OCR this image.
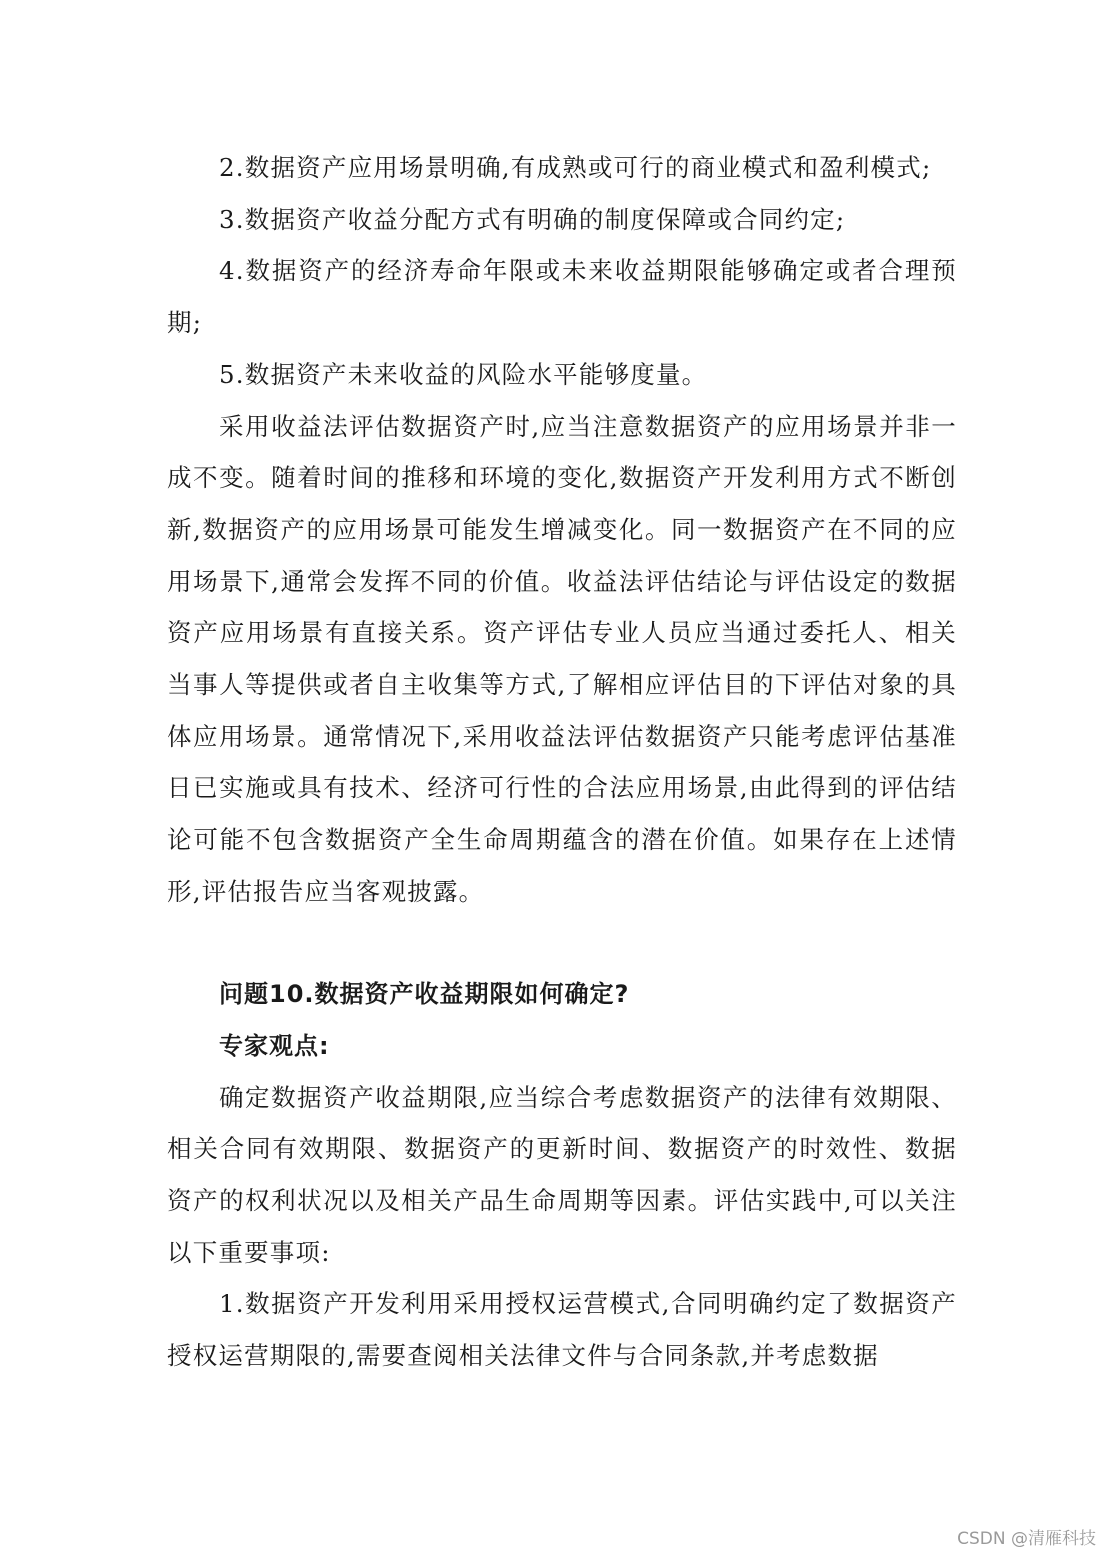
2.数据资产应用场景明确,有成熟或可行的商业模式和盈利模式;

3.数据资产收益分配方式有明确的制度保障或合同约定;

4.数据资产的经济寿命年限或未来收益期限能够确定或者合理预期;

5.数据资产未来收益的风险水平能够度量。

采用收益法评估数据资产时,应当注意数据资产的应用场景并非一成不变。随着时间的推移和环境的变化,数据资产开发利用方式不断创新,数据资产的应用场景可能发生增减变化。同一数据资产在不同的应用场景下,通常会发挥不同的价值。收益法评估结论与评估设定的数据资产应用场景有直接关系。资产评估专业人员应当通过委托人、相关当事人等提供或者自主收集等方式,了解相应评估目的下评估对象的具体应用场景。通常情况下,采用收益法评估数据资产只能考虑评估基准日已实施或具有技术、经济可行性的合法应用场景,由此得到的评估结论可能不包含数据资产全生命周期蕴含的潜在价值。如果存在上述情形,评估报告应当客观披露。

问题10.数据资产收益期限如何确定?

专家观点:

确定数据资产收益期限,应当综合考虑数据资产的法律有效期限、相关合同有效期限、数据资产的更新时间、数据资产的时效性、数据资产的权利状况以及相关产品生命周期等因素。评估实践中,可以关注以下重要事项:

1.数据资产开发利用采用授权运营模式,合同明确约定了数据资产授权运营期限的,需要查阅相关法律文件与合同条款,并考虑数据

CSDN @清雁科技
